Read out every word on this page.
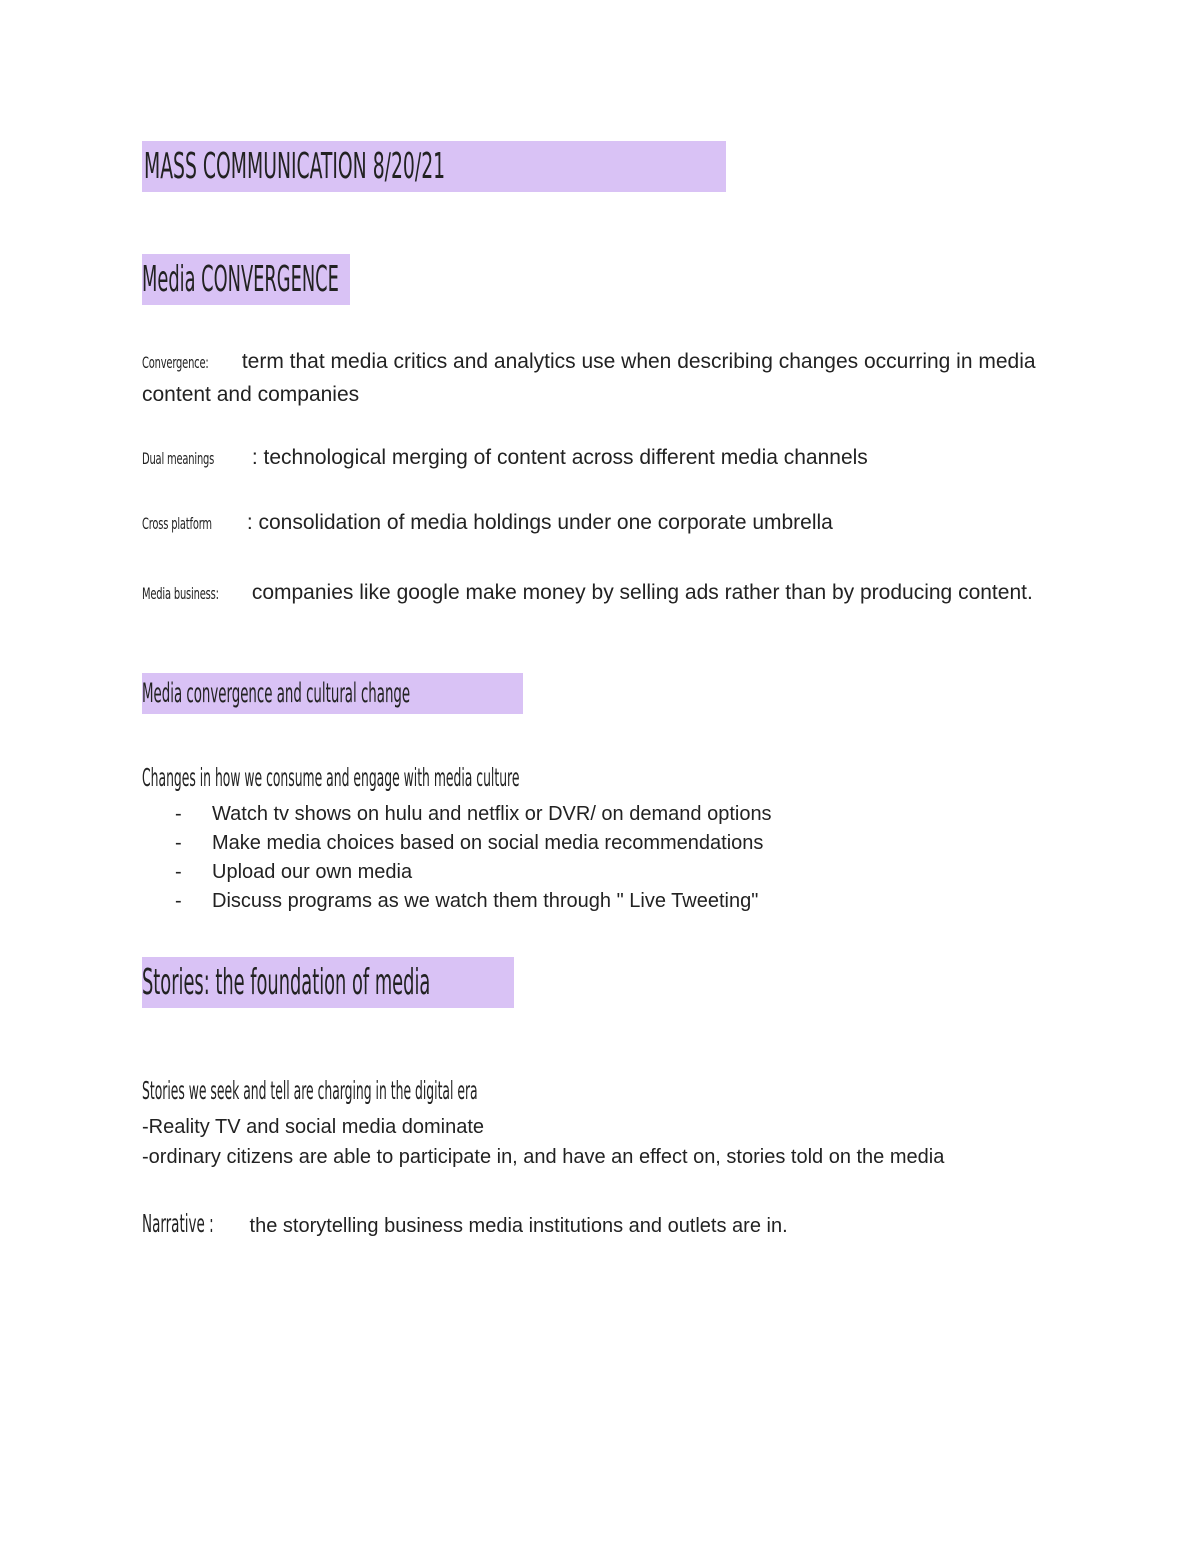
MASS COMMUNICATION 8/20/21
Media CONVERGENCE
Convergence: term that media critics and analytics use when describing changes occurring in media content and companies
Dual meanings : technological merging of content across different media channels
Cross platform : consolidation of media holdings under one corporate umbrella
Media business: companies like google make money by selling ads rather than by producing content.
Media convergence and cultural change
Changes in how we consume and engage with media culture
- Watch tv shows on hulu and netflix or DVR/ on demand options
- Make media choices based on social media recommendations
- Upload our own media
- Discuss programs as we watch them through " Live Tweeting"
Stories: the foundation of media
Stories we seek and tell are charging in the digital era
-Reality TV and social media dominate
-ordinary citizens are able to participate in, and have an effect on, stories told on the media
Narrative : the storytelling business media institutions and outlets are in.
